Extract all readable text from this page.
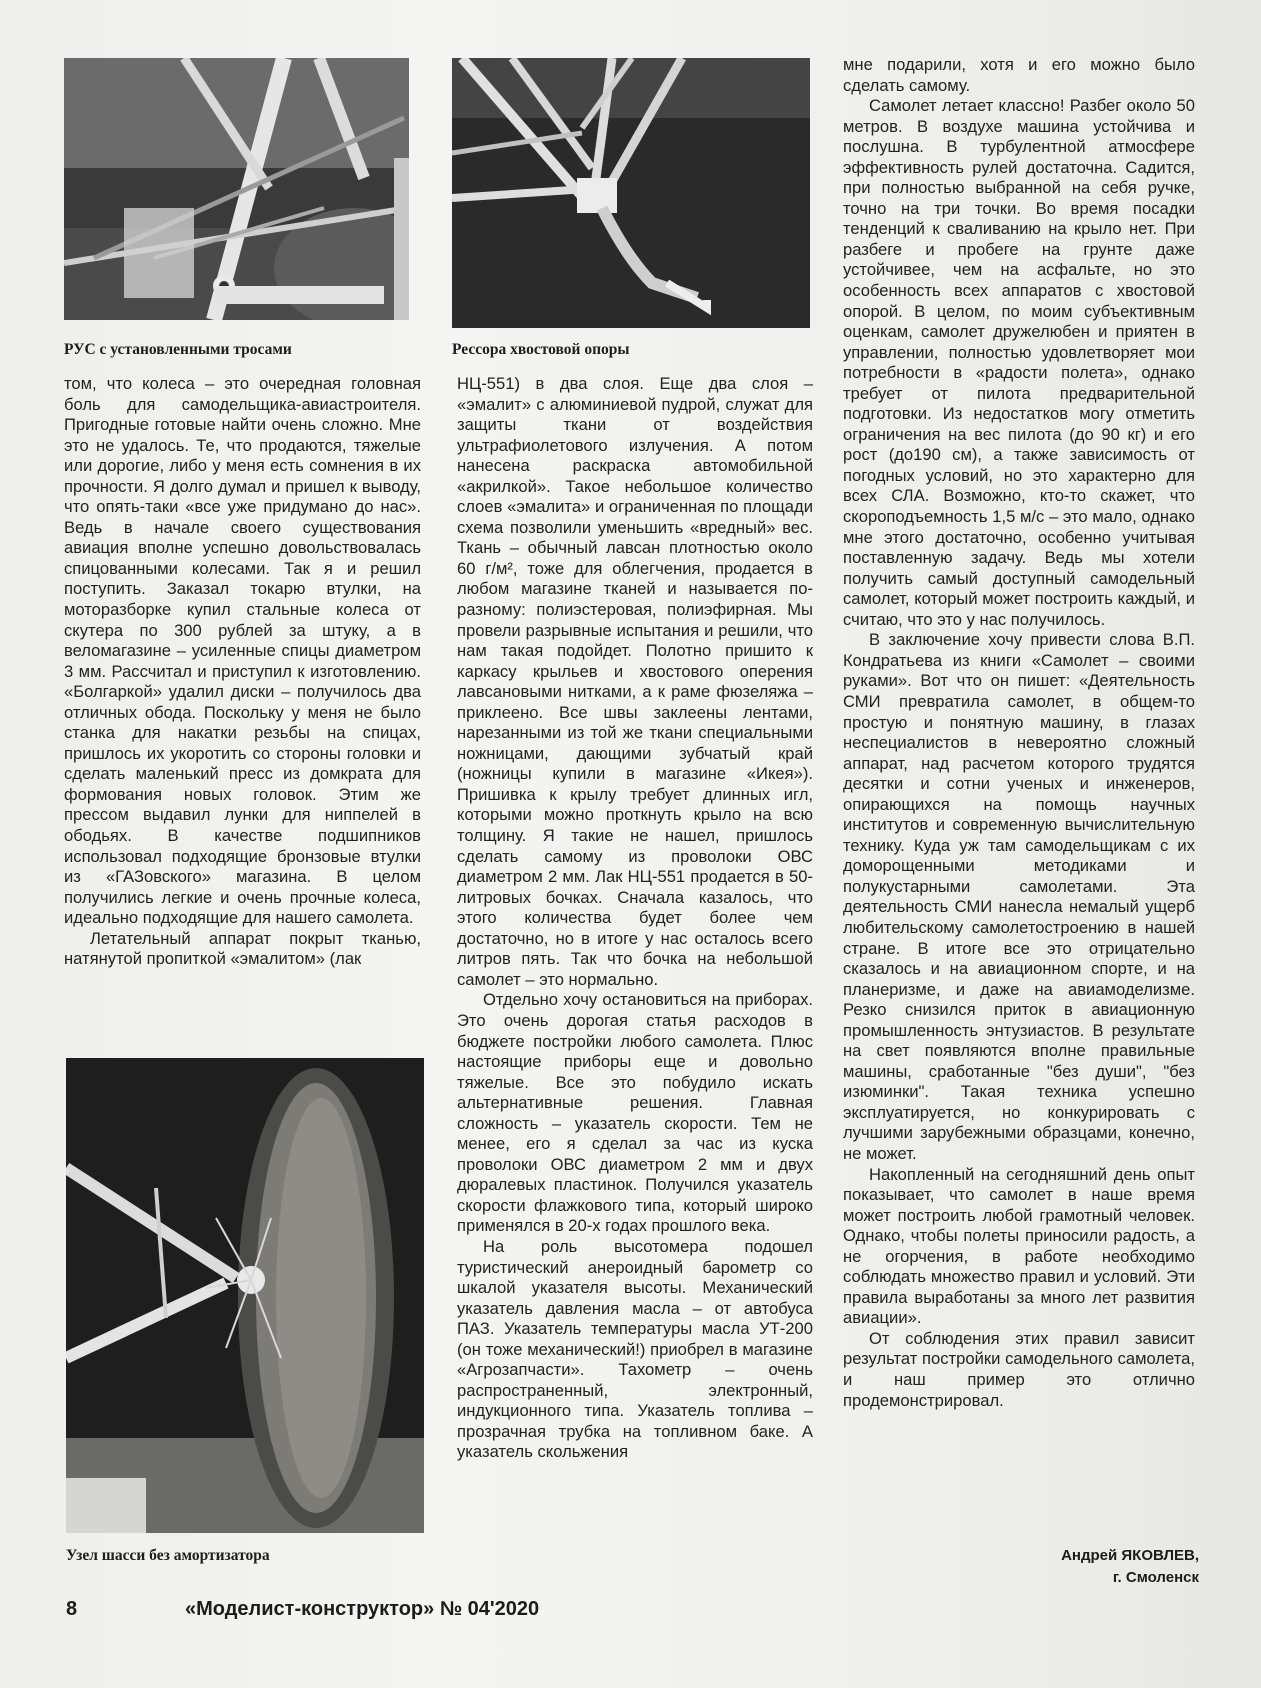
РУС с установленными тросами	Рессора хвостовой опоры
Узел шасси без амортизатора

том, что колеса – это очередная головная боль для самодельщика-авиастроителя. Пригодные готовые найти очень сложно. Мне это не удалось. Те, что продаются, тяжелые или дорогие, либо у меня есть сомнения в их прочности. Я долго думал и пришел к выводу, что опять-таки «все уже придумано до нас». Ведь в начале своего существования авиация вполне успешно довольствовалась спицованными колесами. Так я и решил поступить. Заказал токарю втулки, на моторазборке купил стальные колеса от скутера по 300 рублей за штуку, а в веломагазине – усиленные спицы диаметром 3 мм. Рассчитал и приступил к изготовлению. «Болгаркой» удалил диски – получилось два отличных обода. Поскольку у меня не было станка для накатки резьбы на спицах, пришлось их укоротить со стороны головки и сделать маленький пресс из домкрата для формования новых головок. Этим же прессом выдавил лунки для ниппелей в ободьях. В качестве подшипников использовал подходящие бронзовые втулки из «ГАЗовского» магазина. В целом получились легкие и очень прочные колеса, идеально подходящие для нашего самолета.

Летательный аппарат покрыт тканью, натянутой пропиткой «эмалитом» (лак

НЦ-551) в два слоя. Еще два слоя – «эмалит» с алюминиевой пудрой, служат для защиты ткани от воздействия ультрафиолетового излучения. А потом нанесена раскраска автомобильной «акрилкой». Такое небольшое количество слоев «эмалита» и ограниченная по площади схема позволили уменьшить «вредный» вес. Ткань – обычный лавсан плотностью около 60 г/м², тоже для облегчения, продается в любом магазине тканей и называется по-разному: полиэстеровая, полиэфирная. Мы провели разрывные испытания и решили, что нам такая подойдет. Полотно пришито к каркасу крыльев и хвостового оперения лавсановыми нитками, а к раме фюзеляжа – приклеено. Все швы заклеены лентами, нарезанными из той же ткани специальными ножницами, дающими зубчатый край (ножницы купили в магазине «Икея»). Пришивка к крылу требует длинных игл, которыми можно проткнуть крыло на всю толщину. Я такие не нашел, пришлось сделать самому из проволоки ОВС диаметром 2 мм. Лак НЦ-551 продается в 50-литровых бочках. Сначала казалось, что этого количества будет более чем достаточно, но в итоге у нас осталось всего литров пять. Так что бочка на небольшой самолет – это нормально.

Отдельно хочу остановиться на приборах. Это очень дорогая статья расходов в бюджете постройки любого самолета. Плюс настоящие приборы еще и довольно тяжелые. Все это побудило искать альтернативные решения. Главная сложность – указатель скорости. Тем не менее, его я сделал за час из куска проволоки ОВС диаметром 2 мм и двух дюралевых пластинок. Получился указатель скорости флажкового типа, который широко применялся в 20-х годах прошлого века.

На роль высотомера подошел туристический анероидный барометр со шкалой указателя высоты. Механический указатель давления масла – от автобуса ПАЗ. Указатель температуры масла УТ-200 (он тоже механический!) приобрел в магазине «Агрозапчасти». Тахометр – очень распространенный, электронный, индукционного типа. Указатель топлива – прозрачная трубка на топливном баке. А указатель скольжения

мне подарили, хотя и его можно было сделать самому.

Самолет летает классно! Разбег около 50 метров. В воздухе машина устойчива и послушна. В турбулентной атмосфере эффективность рулей достаточна. Садится, при полностью выбранной на себя ручке, точно на три точки. Во время посадки тенденций к сваливанию на крыло нет. При разбеге и пробеге на грунте даже устойчивее, чем на асфальте, но это особенность всех аппаратов с хвостовой опорой. В целом, по моим субъективным оценкам, самолет дружелюбен и приятен в управлении, полностью удовлетворяет мои потребности в «радости полета», однако требует от пилота предварительной подготовки. Из недостатков могу отметить ограничения на вес пилота (до 90 кг) и его рост (до190 см), а также зависимость от погодных условий, но это характерно для всех СЛА. Возможно, кто-то скажет, что скороподъемность 1,5 м/с – это мало, однако мне этого достаточно, особенно учитывая поставленную задачу. Ведь мы хотели получить самый доступный самодельный самолет, который может построить каждый, и считаю, что это у нас получилось.

В заключение хочу привести слова В.П. Кондратьева из книги «Самолет – своими руками». Вот что он пишет: «Деятельность СМИ превратила самолет, в общем-то простую и понятную машину, в глазах неспециалистов в невероятно сложный аппарат, над расчетом которого трудятся десятки и сотни ученых и инженеров, опирающихся на помощь научных институтов и современную вычислительную технику. Куда уж там самодельщикам с их доморощенными методиками и полукустарными самолетами. Эта деятельность СМИ нанесла немалый ущерб любительскому самолетостроению в нашей стране. В итоге все это отрицательно сказалось и на авиационном спорте, и на планеризме, и даже на авиамоделизме. Резко снизился приток в авиационную промышленность энтузиастов. В результате на свет появляются вполне правильные машины, сработанные "без души", "без изюминки". Такая техника успешно эксплуатируется, но конкурировать с лучшими зарубежными образцами, конечно, не может.

Накопленный на сегодняшний день опыт показывает, что самолет в наше время может построить любой грамотный человек. Однако, чтобы полеты приносили радость, а не огорчения, в работе необходимо соблюдать множество правил и условий. Эти правила выработаны за много лет развития авиации».

От соблюдения этих правил зависит результат постройки самодельного самолета, и наш пример это отлично продемонстрировал.

Андрей ЯКОВЛЕВ,
г. Смоленск
8	«Моделист-конструктор» № 04'2020
